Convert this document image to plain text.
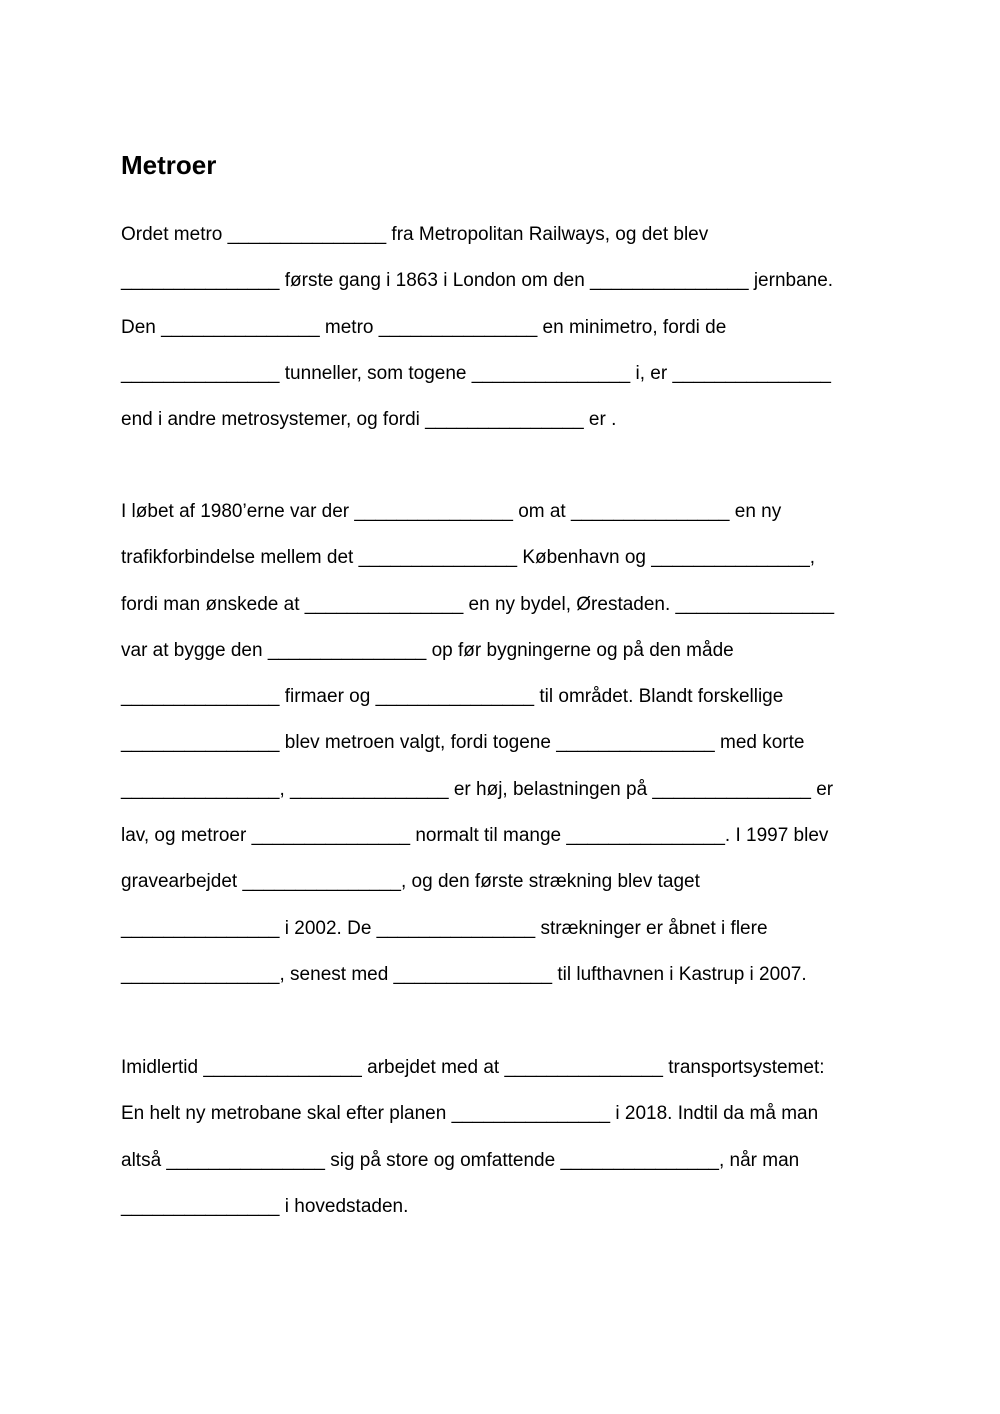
Metroer
Ordet metro _______________ fra Metropolitan Railways, og det blev
_______________ første gang i 1863 i London om den _______________ jernbane.
Den _______________ metro _______________ en minimetro, fordi de
_______________ tunneller, som togene _______________ i, er _______________
end i andre metrosystemer, og fordi _______________ er .
I løbet af 1980’erne var der _______________ om at _______________ en ny
trafikforbindelse mellem det _______________ København og _______________,
fordi man ønskede at _______________ en ny bydel, Ørestaden. _______________
var at bygge den _______________ op før bygningerne og på den måde
_______________ firmaer og _______________ til området. Blandt forskellige
_______________ blev metroen valgt, fordi togene _______________ med korte
_______________, _______________ er høj, belastningen på _______________ er
lav, og metroer _______________ normalt til mange _______________. I 1997 blev
gravearbejdet _______________, og den første strækning blev taget
_______________ i 2002. De _______________ strækninger er åbnet i flere
_______________, senest med _______________ til lufthavnen i Kastrup i 2007.
Imidlertid _______________ arbejdet med at _______________ transportsystemet:
En helt ny metrobane skal efter planen _______________ i 2018. Indtil da må man
altså _______________ sig på store og omfattende _______________, når man
_______________ i hovedstaden.
